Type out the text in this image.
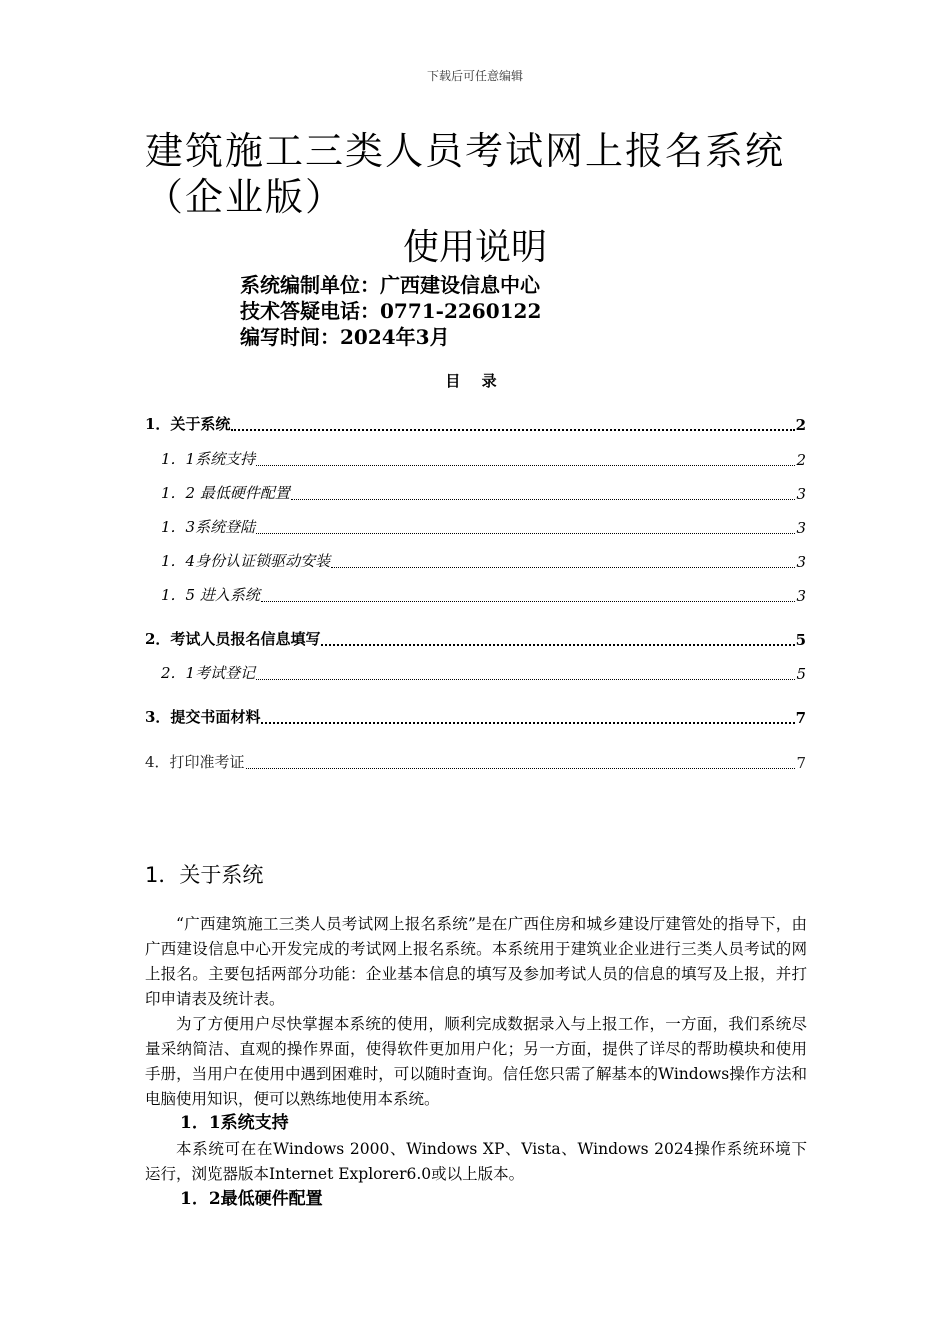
下载后可任意编辑
建筑施工三类人员考试网上报名系统（企业版）
使用说明
系统编制单位：广西建设信息中心
技术答疑电话：0771-2260122
编写时间：2024年3月
目 录
1．关于系统	2
1．1系统支持	2
1．2 最低硬件配置	3
1．3系统登陆	3
1．4身份认证锁驱动安装	3
1．5 进入系统	3
2．考试人员报名信息填写	5
2．1考试登记	5
3．提交书面材料	7
4．打印准考证	7
1．关于系统

“广西建筑施工三类人员考试网上报名系统”是在广西住房和城乡建设厅建管处的指导下，由广西建设信息中心开发完成的考试网上报名系统。本系统用于建筑业企业进行三类人员考试的网上报名。主要包括两部分功能：企业基本信息的填写及参加考试人员的信息的填写及上报，并打印申请表及统计表。

为了方便用户尽快掌握本系统的使用，顺利完成数据录入与上报工作，一方面，我们系统尽量采纳简洁、直观的操作界面，使得软件更加用户化；另一方面，提供了详尽的帮助模块和使用手册，当用户在使用中遇到困难时，可以随时查询。信任您只需了解基本的Windows操作方法和电脑使用知识，便可以熟练地使用本系统。

1．1系统支持

本系统可在在Windows 2000、Windows XP、Vista、Windows 2024操作系统环境下运行，浏览器版本Internet Explorer6.0或以上版本。

1．2最低硬件配置
